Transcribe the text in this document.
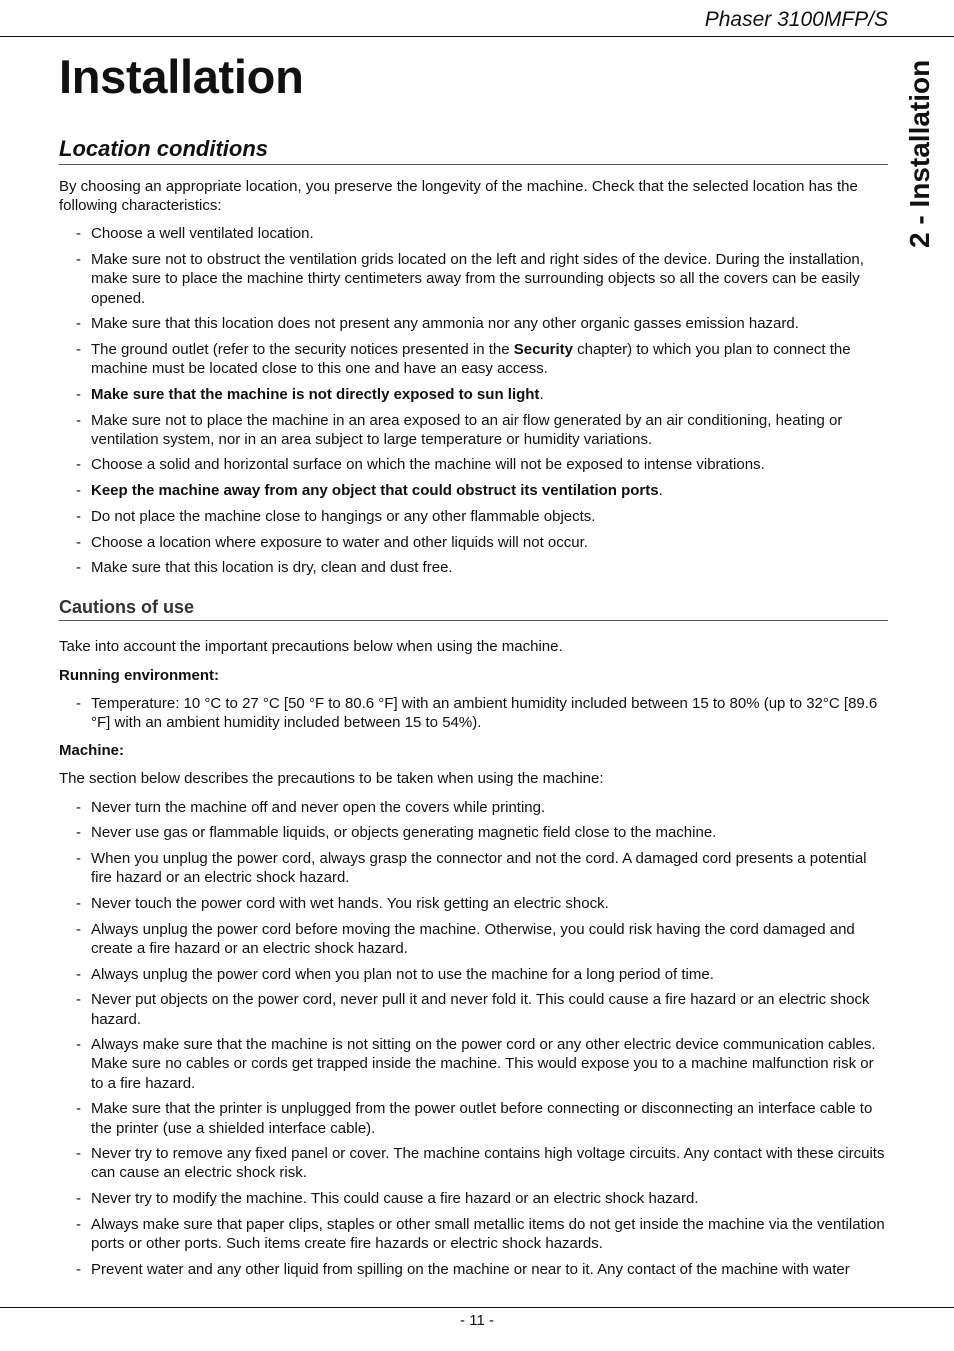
Phaser 3100MFP/S
2 - Installation
Installation
Location conditions

By choosing an appropriate location, you preserve the longevity of the machine. Check that the selected location has the following characteristics:

- Choose a well ventilated location.
- Make sure not to obstruct the ventilation grids located on the left and right sides of the device. During the installation, make sure to place the machine thirty centimeters away from the surrounding objects so all the covers can be easily opened.
- Make sure that this location does not present any ammonia nor any other organic gasses emission hazard.
- The ground outlet (refer to the security notices presented in the Security chapter) to which you plan to connect the machine must be located close to this one and have an easy access.
- Make sure that the machine is not directly exposed to sun light.
- Make sure not to place the machine in an area exposed to an air flow generated by an air conditioning, heating or ventilation system, nor in an area subject to large temperature or humidity variations.
- Choose a solid and horizontal surface on which the machine will not be exposed to intense vibrations.
- Keep the machine away from any object that could obstruct its ventilation ports.
- Do not place the machine close to hangings or any other flammable objects.
- Choose a location where exposure to water and other liquids will not occur.
- Make sure that this location is dry, clean and dust free.
Cautions of use

Take into account the important precautions below when using the machine.

Running environment:

- Temperature: 10 °C to 27 °C [50 °F to 80.6 °F] with an ambient humidity included between 15 to 80% (up to 32°C [89.6 °F] with an ambient humidity included between 15 to 54%).

Machine:

The section below describes the precautions to be taken when using the machine:

- Never turn the machine off and never open the covers while printing.
- Never use gas or flammable liquids, or objects generating magnetic field close to the machine.
- When you unplug the power cord, always grasp the connector and not the cord. A damaged cord presents a potential fire hazard or an electric shock hazard.
- Never touch the power cord with wet hands. You risk getting an electric shock.
- Always unplug the power cord before moving the machine. Otherwise, you could risk having the cord damaged and create a fire hazard or an electric shock hazard.
- Always unplug the power cord when you plan not to use the machine for a long period of time.
- Never put objects on the power cord, never pull it and never fold it. This could cause a fire hazard or an electric shock hazard.
- Always make sure that the machine is not sitting on the power cord or any other electric device communication cables. Make sure no cables or cords get trapped inside the machine. This would expose you to a machine malfunction risk or to a fire hazard.
- Make sure that the printer is unplugged from the power outlet before connecting or disconnecting an interface cable to the printer (use a shielded interface cable).
- Never try to remove any fixed panel or cover. The machine contains high voltage circuits. Any contact with these circuits can cause an electric shock risk.
- Never try to modify the machine. This could cause a fire hazard or an electric shock hazard.
- Always make sure that paper clips, staples or other small metallic items do not get inside the machine via the ventilation ports or other ports. Such items create fire hazards or electric shock hazards.
- Prevent water and any other liquid from spilling on the machine or near to it. Any contact of the machine with water
- 11 -
